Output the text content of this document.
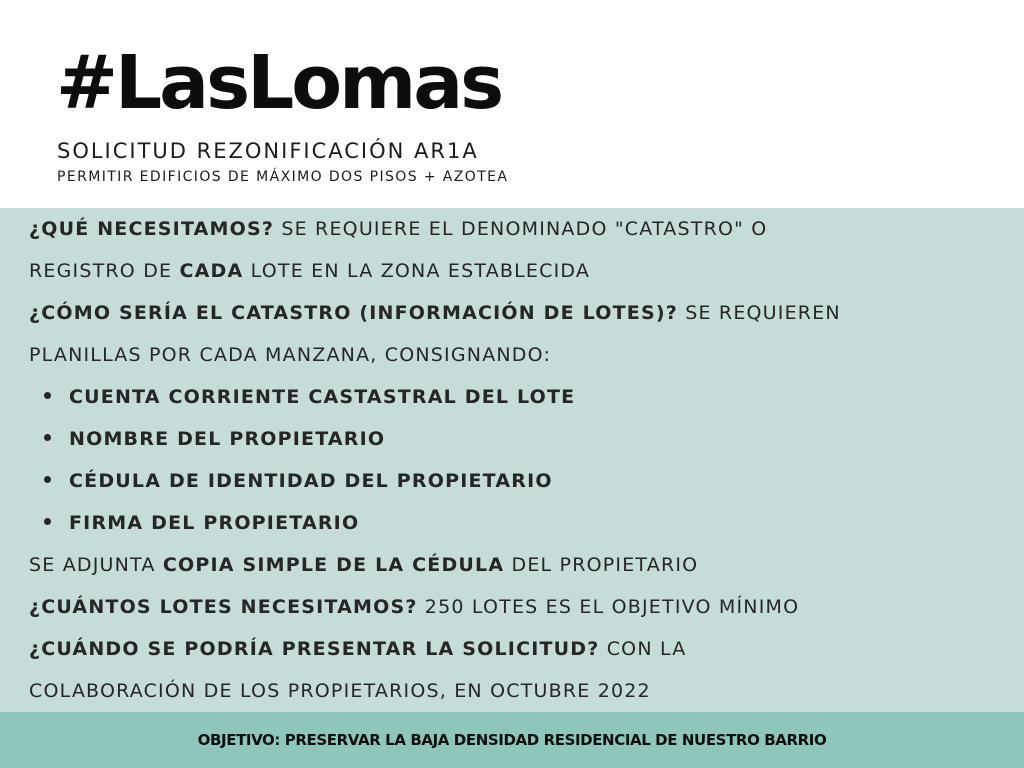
#LasLomas
SOLICITUD REZONIFICACIÓN AR1A
PERMITIR EDIFICIOS DE MÁXIMO DOS PISOS + AZOTEA
¿QUÉ NECESITAMOS? SE REQUIERE EL DENOMINADO "CATASTRO" O
REGISTRO DE CADA LOTE EN LA ZONA ESTABLECIDA
¿CÓMO SERÍA EL CATASTRO (INFORMACIÓN DE LOTES)? SE REQUIEREN
PLANILLAS POR CADA MANZANA, CONSIGNANDO:
CUENTA CORRIENTE CASTASTRAL DEL LOTE
NOMBRE DEL PROPIETARIO
CÉDULA DE IDENTIDAD DEL PROPIETARIO
FIRMA DEL PROPIETARIO
SE ADJUNTA COPIA SIMPLE DE LA CÉDULA DEL PROPIETARIO
¿CUÁNTOS LOTES NECESITAMOS? 250 LOTES ES EL OBJETIVO MÍNIMO
¿CUÁNDO SE PODRÍA PRESENTAR LA SOLICITUD? CON LA
COLABORACIÓN DE LOS PROPIETARIOS, EN OCTUBRE 2022
OBJETIVO: PRESERVAR LA BAJA DENSIDAD RESIDENCIAL DE NUESTRO BARRIO
